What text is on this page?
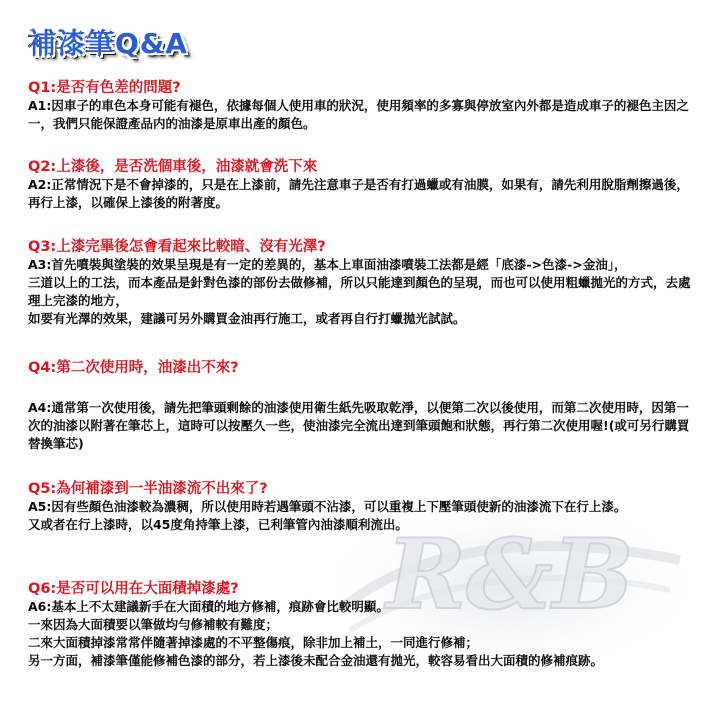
R&B
補漆筆Q&A
Q1:是否有色差的問題?

A1:因車子的車色本身可能有褪色，依據每個人使用車的狀況，使用頻率的多寡與停放室內外都是造成車子的褪色主因之一，我們只能保證產品内的油漆是原車出產的顏色。

Q2:上漆後，是否洗個車後，油漆就會洗下來

A2:正常情況下是不會掉漆的，只是在上漆前，請先注意車子是否有打過蠟或有油膜，如果有，請先利用脫脂劑擦過後，再行上漆，以確保上漆後的附著度。

Q3:上漆完畢後怎會看起來比較暗、沒有光澤?

A3:首先噴裝與塗裝的效果呈現是有一定的差異的，基本上車面油漆噴裝工法都是經「底漆->色漆->金油」，

三道以上的工法，而本產品是針對色漆的部份去做修補，所以只能達到顏色的呈現，而也可以使用粗蠟拋光的方式，去處理上完漆的地方，

如要有光澤的效果，建議可另外購買金油再行施工，或者再自行打蠟拋光試試。

Q4:第二次使用時，油漆出不來?

A4:通常第一次使用後，請先把筆頭剩餘的油漆使用衛生紙先吸取乾淨，以便第二次以後使用，而第二次使用時，因第一次的油漆以附著在筆芯上，這時可以按壓久一些，使油漆完全流出達到筆頭飽和狀態，再行第二次使用喔!(或可另行購買替換筆芯)

Q5:為何補漆到一半油漆流不出來了?

A5:因有些顏色油漆較為濃稠，所以使用時若遇筆頭不沾漆，可以重複上下壓筆頭使新的油漆流下在行上漆。

又或者在行上漆時，以45度角持筆上漆，已利筆管內油漆順利流出。

Q6:是否可以用在大面積掉漆處?

A6:基本上不太建議新手在大面積的地方修補，痕跡會比較明顯。

一來因為大面積要以筆做均勻修補較有難度；

二來大面積掉漆常常伴隨著掉漆處的不平整傷痕，除非加上補土，一同進行修補；

另一方面，補漆筆僅能修補色漆的部分，若上漆後未配合金油還有拋光，較容易看出大面積的修補痕跡。
